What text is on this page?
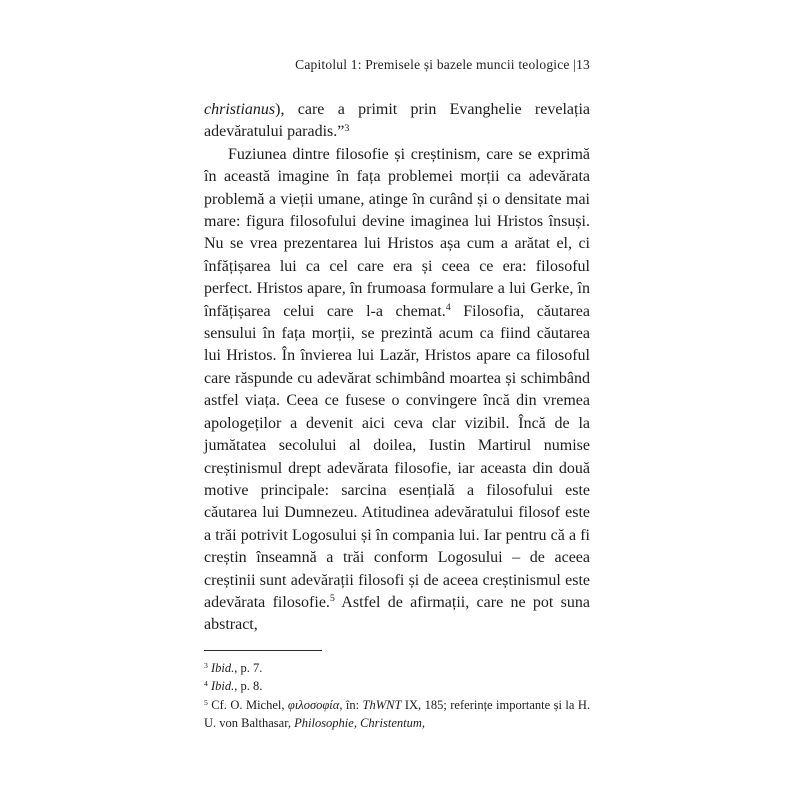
Capitolul 1: Premisele și bazele muncii teologice |13

christianus), care a primit prin Evanghelie revelația adevăratului paradis.”$^3$

Fuziunea dintre filosofie și creștinism, care se exprimă în această imagine în fața problemei morții ca adevărata problemă a vieții umane, atinge în curând și o densitate mai mare: figura filosofului devine imaginea lui Hristos însuși. Nu se vrea prezentarea lui Hristos așa cum a arătat el, ci înfățișarea lui ca cel care era și ceea ce era: filosoful perfect. Hristos apare, în frumoasa formulare a lui Gerke, în înfățișarea celui care l-a chemat.$^4$ Filosofia, căutarea sensului în fața morții, se prezintă acum ca fiind căutarea lui Hristos. În învierea lui Lazăr, Hristos apare ca filosoful care răspunde cu adevărat schimbând moartea și schimbând astfel viața. Ceea ce fusese o convingere încă din vremea apologeților a devenit aici ceva clar vizibil. Încă de la jumătatea secolului al doilea, Iustin Martirul numise creștinismul drept adevărata filosofie, iar aceasta din două motive principale: sarcina esențială a filosofului este căutarea lui Dumnezeu. Atitudinea adevăratului filosof este a trăi potrivit Logosului și în compania lui. Iar pentru că a fi creștin înseamnă a trăi conform Logosului – de aceea creștinii sunt adevărații filosofi și de aceea creștinismul este adevărata filosofie.$^5$ Astfel de afirmații, care ne pot suna abstract,

$^3$ Ibid., p. 7.

$^4$ Ibid., p. 8.

$^5$ Cf. O. Michel, φιλοσοφία, în: ThWNT IX, 185; referințe importante și la H. U. von Balthasar, Philosophie, Christentum,
